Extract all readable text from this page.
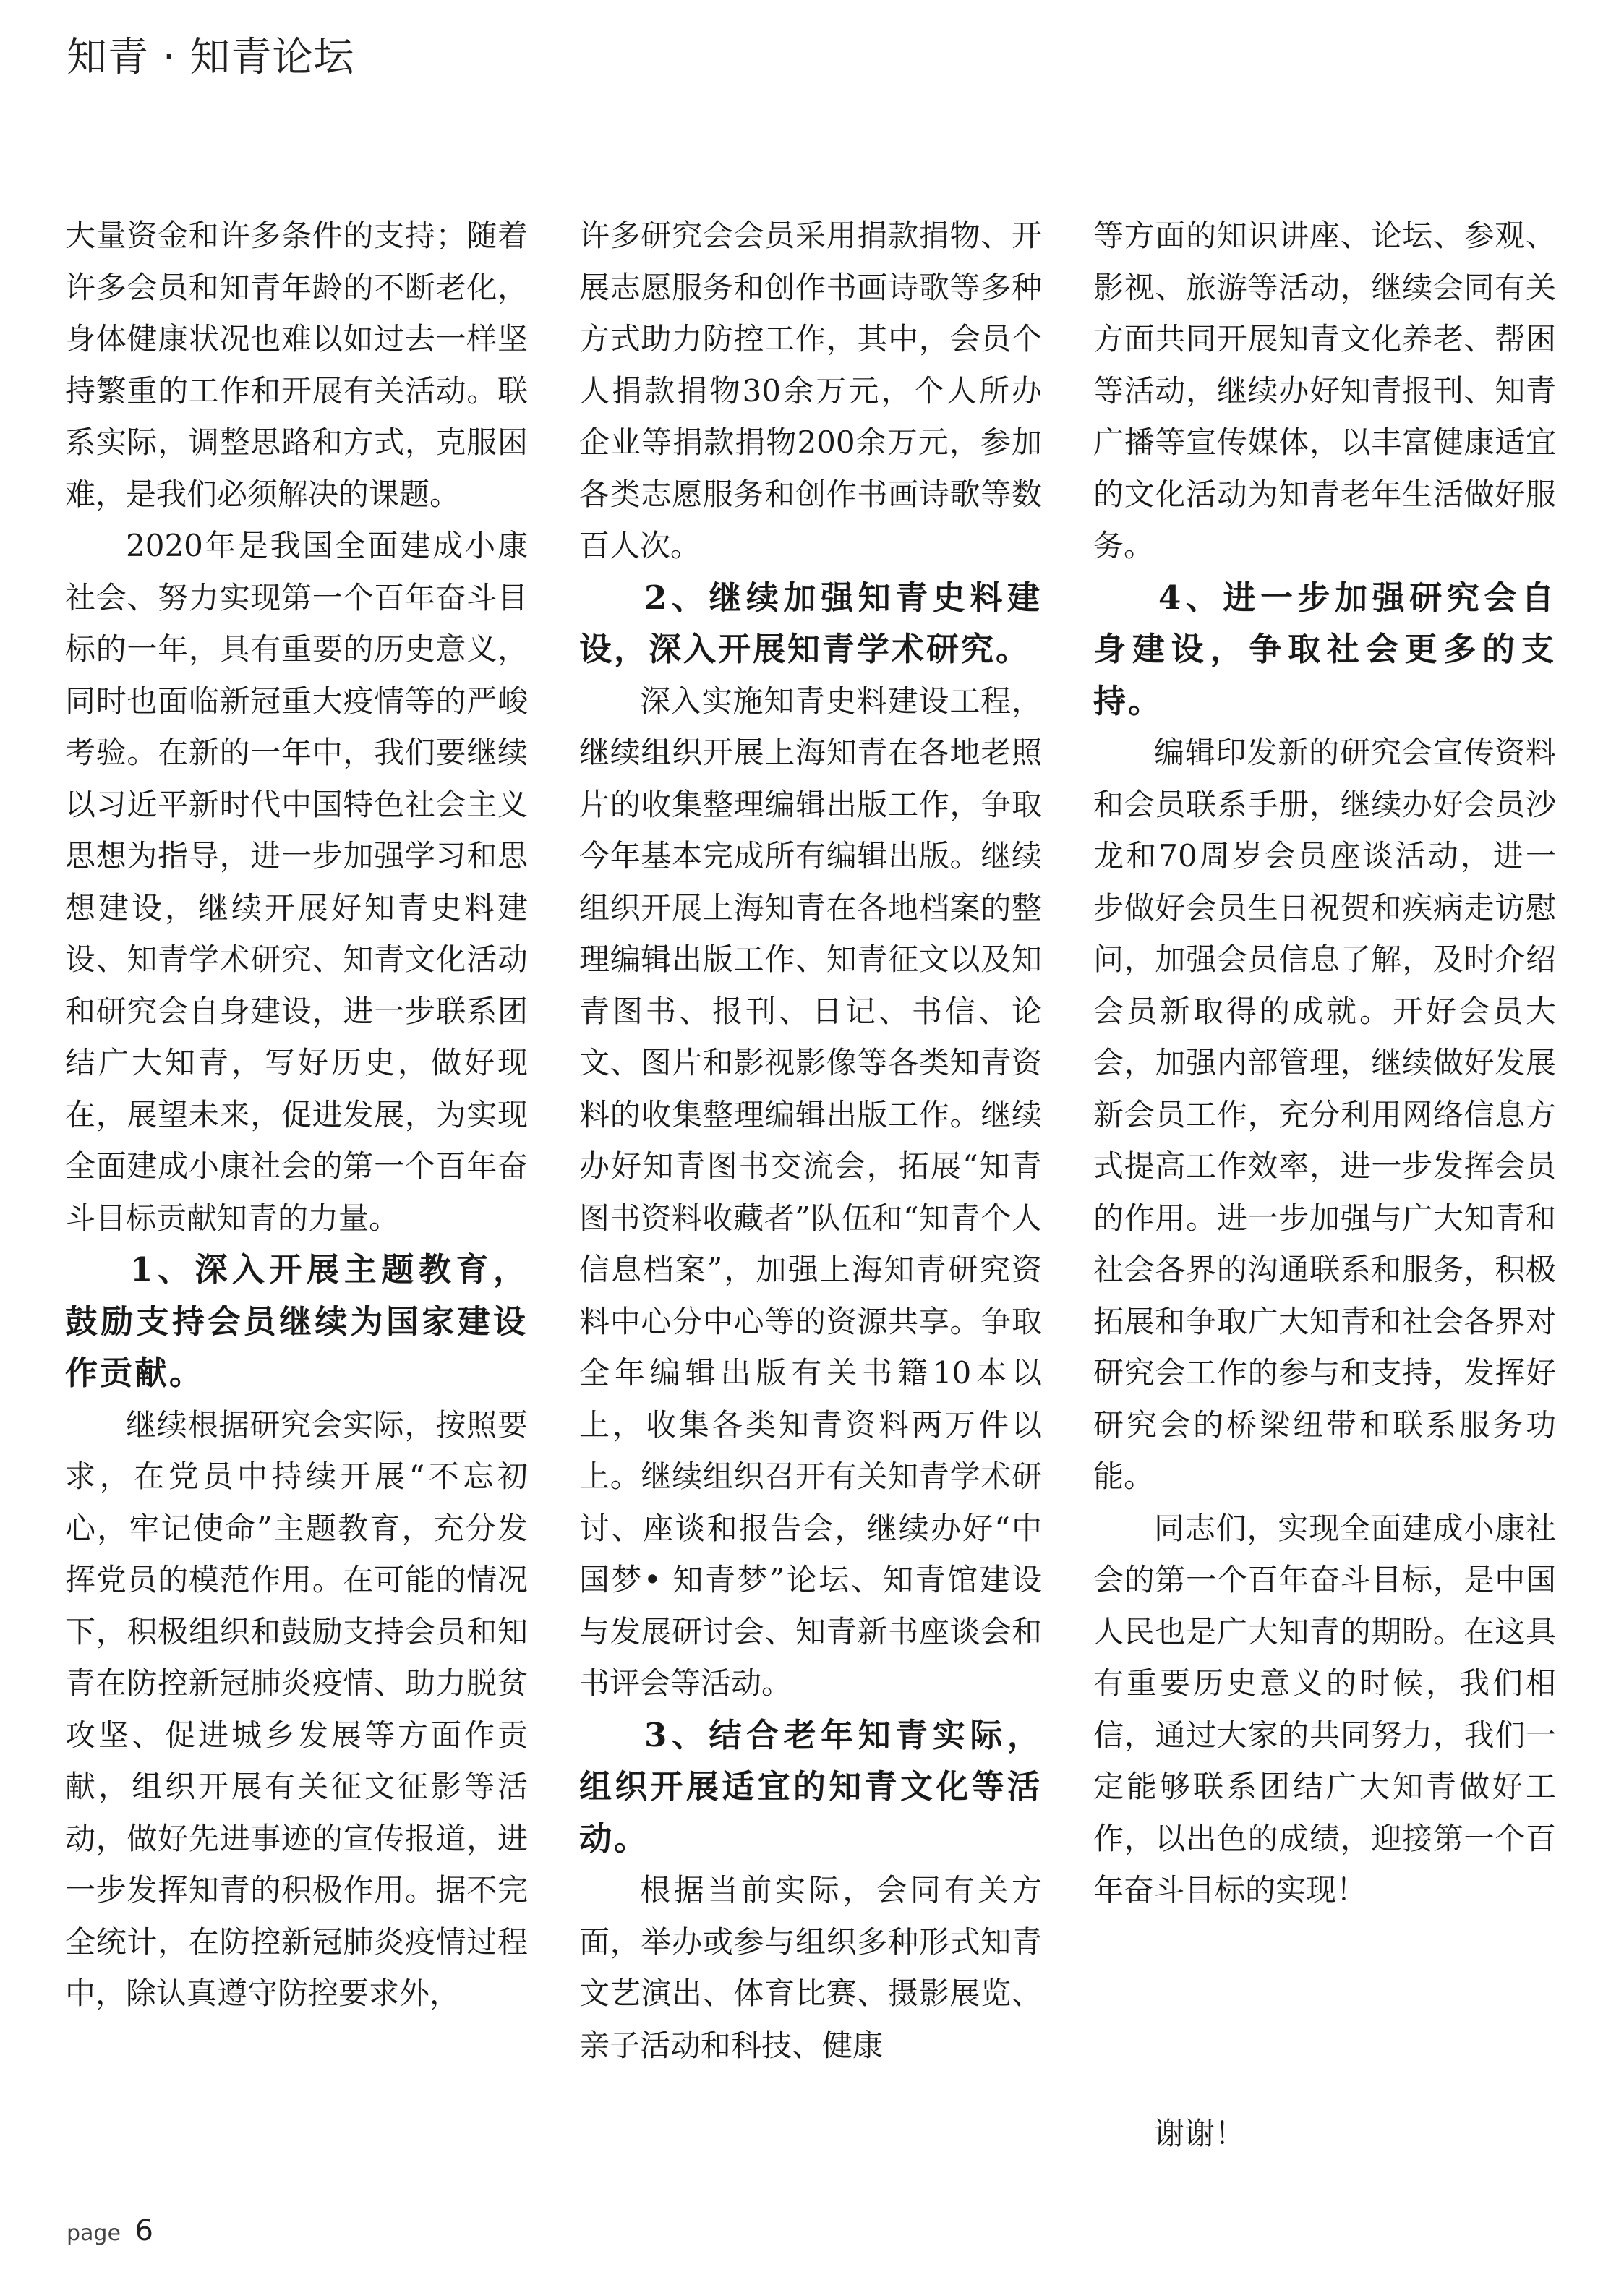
知青 · 知青论坛

大量资金和许多条件的支持；随着许多会员和知青年龄的不断老化，身体健康状况也难以如过去一样坚持繁重的工作和开展有关活动。联系实际，调整思路和方式，克服困难，是我们必须解决的课题。

2020年是我国全面建成小康社会、努力实现第一个百年奋斗目标的一年，具有重要的历史意义，同时也面临新冠重大疫情等的严峻考验。在新的一年中，我们要继续以习近平新时代中国特色社会主义思想为指导，进一步加强学习和思想建设，继续开展好知青史料建设、知青学术研究、知青文化活动和研究会自身建设，进一步联系团结广大知青，写好历史，做好现在，展望未来，促进发展，为实现全面建成小康社会的第一个百年奋斗目标贡献知青的力量。

1、深入开展主题教育，鼓励支持会员继续为国家建设作贡献。

继续根据研究会实际，按照要求，在党员中持续开展“不忘初心，牢记使命”主题教育，充分发挥党员的模范作用。在可能的情况下，积极组织和鼓励支持会员和知青在防控新冠肺炎疫情、助力脱贫攻坚、促进城乡发展等方面作贡献，组织开展有关征文征影等活动，做好先进事迹的宣传报道，进一步发挥知青的积极作用。据不完全统计，在防控新冠肺炎疫情过程中，除认真遵守防控要求外，

许多研究会会员采用捐款捐物、开展志愿服务和创作书画诗歌等多种方式助力防控工作，其中，会员个人捐款捐物30余万元，个人所办企业等捐款捐物200余万元，参加各类志愿服务和创作书画诗歌等数百人次。

2、继续加强知青史料建设，深入开展知青学术研究。

深入实施知青史料建设工程，继续组织开展上海知青在各地老照片的收集整理编辑出版工作，争取今年基本完成所有编辑出版。继续组织开展上海知青在各地档案的整理编辑出版工作、知青征文以及知青图书、报刊、日记、书信、论文、图片和影视影像等各类知青资料的收集整理编辑出版工作。继续办好知青图书交流会，拓展“知青图书资料收藏者”队伍和“知青个人信息档案”，加强上海知青研究资料中心分中心等的资源共享。争取全年编辑出版有关书籍10本以上，收集各类知青资料两万件以上。继续组织召开有关知青学术研讨、座谈和报告会，继续办好“中国梦• 知青梦”论坛、知青馆建设与发展研讨会、知青新书座谈会和书评会等活动。

3、结合老年知青实际，组织开展适宜的知青文化等活动。

根据当前实际，会同有关方面，举办或参与组织多种形式知青文艺演出、体育比赛、摄影展览、亲子活动和科技、健康

等方面的知识讲座、论坛、参观、影视、旅游等活动，继续会同有关方面共同开展知青文化养老、帮困等活动，继续办好知青报刊、知青广播等宣传媒体，以丰富健康适宜的文化活动为知青老年生活做好服务。

4、进一步加强研究会自身建设，争取社会更多的支持。

编辑印发新的研究会宣传资料和会员联系手册，继续办好会员沙龙和70周岁会员座谈活动，进一步做好会员生日祝贺和疾病走访慰问，加强会员信息了解，及时介绍会员新取得的成就。开好会员大会，加强内部管理，继续做好发展新会员工作，充分利用网络信息方式提高工作效率，进一步发挥会员的作用。进一步加强与广大知青和社会各界的沟通联系和服务，积极拓展和争取广大知青和社会各界对研究会工作的参与和支持，发挥好研究会的桥梁纽带和联系服务功能。

同志们，实现全面建成小康社会的第一个百年奋斗目标，是中国人民也是广大知青的期盼。在这具有重要历史意义的时候，我们相信，通过大家的共同努力，我们一定能够联系团结广大知青做好工作，以出色的成绩，迎接第一个百年奋斗目标的实现！

谢谢！

page 6
